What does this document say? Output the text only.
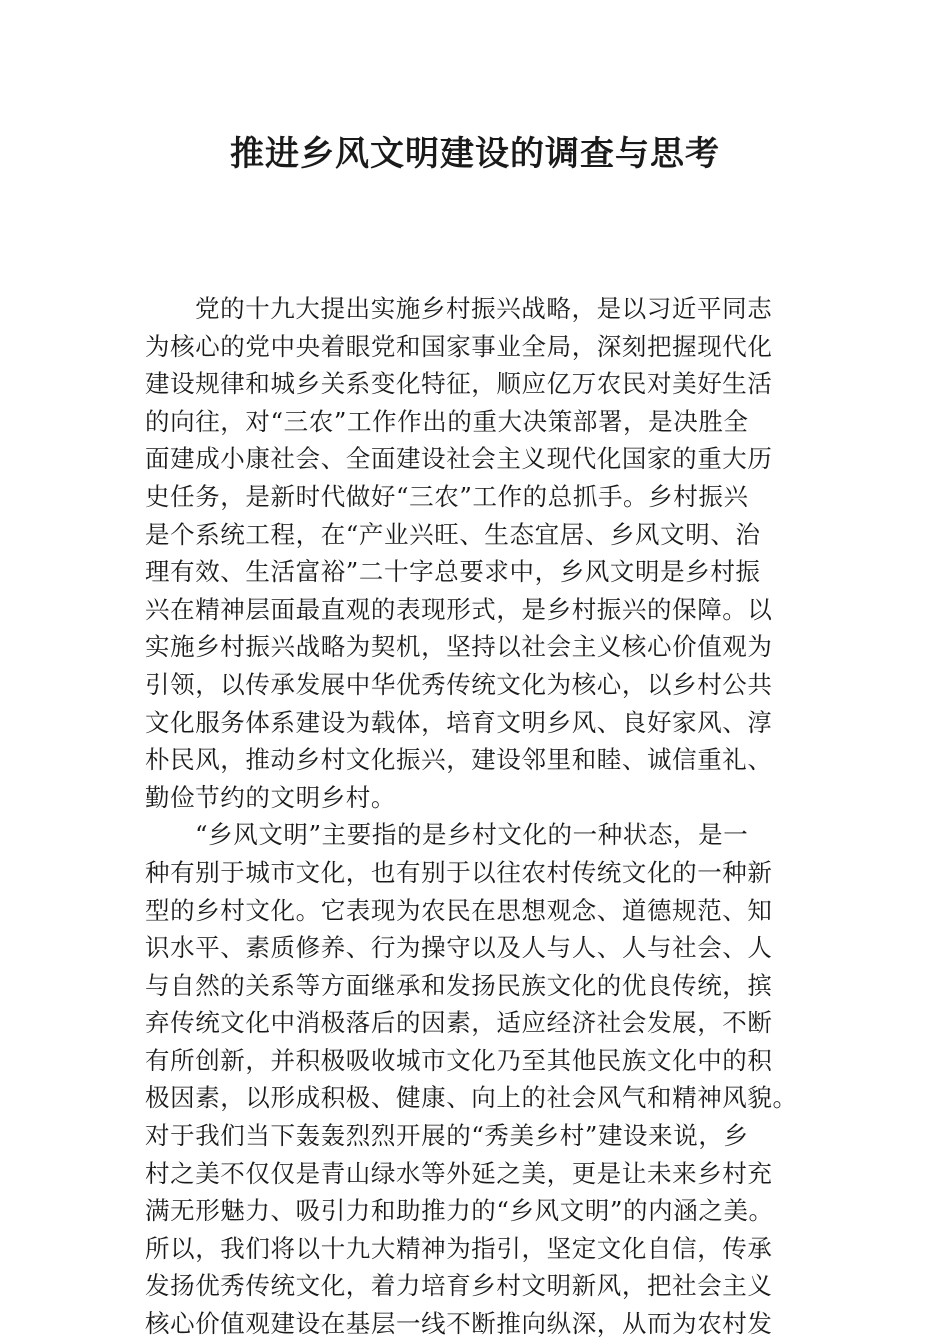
推进乡风文明建设的调查与思考
党的十九大提出实施乡村振兴战略，是以习近平同志
为核心的党中央着眼党和国家事业全局，深刻把握现代化
建设规律和城乡关系变化特征，顺应亿万农民对美好生活
的向往，对“三农”工作作出的重大决策部署，是决胜全
面建成小康社会、全面建设社会主义现代化国家的重大历
史任务，是新时代做好“三农”工作的总抓手。乡村振兴
是个系统工程，在“产业兴旺、生态宜居、乡风文明、治
理有效、生活富裕”二十字总要求中，乡风文明是乡村振
兴在精神层面最直观的表现形式，是乡村振兴的保障。以
实施乡村振兴战略为契机，坚持以社会主义核心价值观为
引领，以传承发展中华优秀传统文化为核心，以乡村公共
文化服务体系建设为载体，培育文明乡风、良好家风、淳
朴民风，推动乡村文化振兴，建设邻里和睦、诚信重礼、
勤俭节约的文明乡村。
“乡风文明”主要指的是乡村文化的一种状态，是一
种有别于城市文化，也有别于以往农村传统文化的一种新
型的乡村文化。它表现为农民在思想观念、道德规范、知
识水平、素质修养、行为操守以及人与人、人与社会、人
与自然的关系等方面继承和发扬民族文化的优良传统，摈
弃传统文化中消极落后的因素，适应经济社会发展，不断
有所创新，并积极吸收城市文化乃至其他民族文化中的积
极因素，以形成积极、健康、向上的社会风气和精神风貌。
对于我们当下轰轰烈烈开展的“秀美乡村”建设来说，乡
村之美不仅仅是青山绿水等外延之美，更是让未来乡村充
满无形魅力、吸引力和助推力的“乡风文明”的内涵之美。
所以，我们将以十九大精神为指引，坚定文化自信，传承
发扬优秀传统文化，着力培育乡村文明新风，把社会主义
核心价值观建设在基层一线不断推向纵深，从而为农村发
